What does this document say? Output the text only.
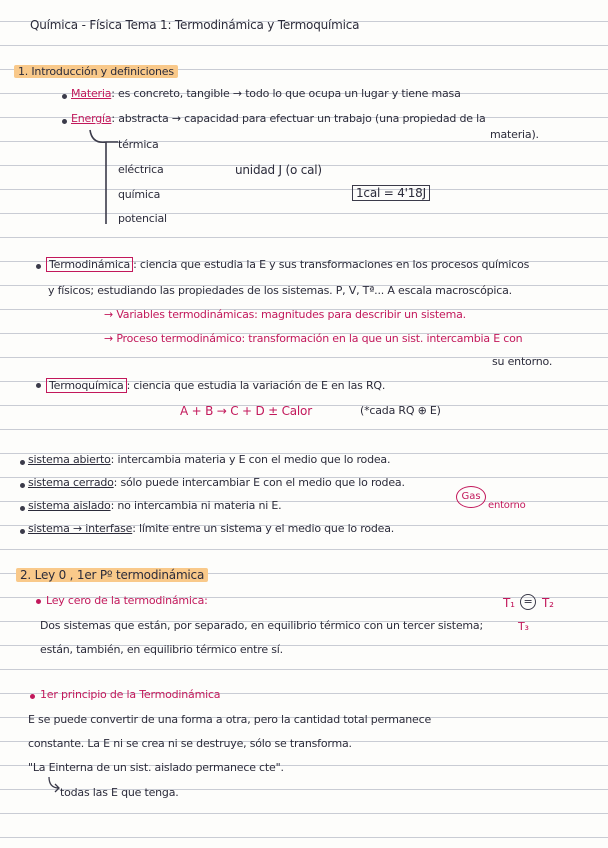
Química - Física Tema 1: Termodinámica y Termoquímica
1. Introducción y definiciones
Materia: es concreto, tangible → todo lo que ocupa un lugar y tiene masa
Energía: abstracta → capacidad para efectuar un trabajo (una propiedad de la
materia).
térmica
eléctrica
química
potencial
unidad J (o cal)
1cal = 4'18J
Termodinámica : ciencia que estudia la E y sus transformaciones en los procesos químicos
y físicos; estudiando las propiedades de los sistemas. P, V, Tª... A escala macroscópica.
→ Variables termodinámicas: magnitudes para describir un sistema.
→ Proceso termodinámico: transformación en la que un sist. intercambia E con
su entorno.
Termoquímica : ciencia que estudia la variación de E en las RQ.
A + B → C + D ± Calor	(*cada RQ ⊕ E)
sistema abierto: intercambia materia y E con el medio que lo rodea.
sistema cerrado: sólo puede intercambiar E con el medio que lo rodea.
sistema aislado: no intercambia ni materia ni E.
sistema → interfase: límite entre un sistema y el medio que lo rodea.
Gas
entorno
2. Ley 0 , 1er Pº termodinámica
Ley cero de la termodinámica:
Dos sistemas que están, por separado, en equilibrio térmico con un tercer sistema;
están, también, en equilibrio térmico entre sí.
T₁ = T₂
T₃
1er principio de la Termodinámica
E se puede convertir de una forma a otra, pero la cantidad total permanece
constante. La E ni se crea ni se destruye, sólo se transforma.
"La Einterna de un sist. aislado permanece cte".
todas las E que tenga.
